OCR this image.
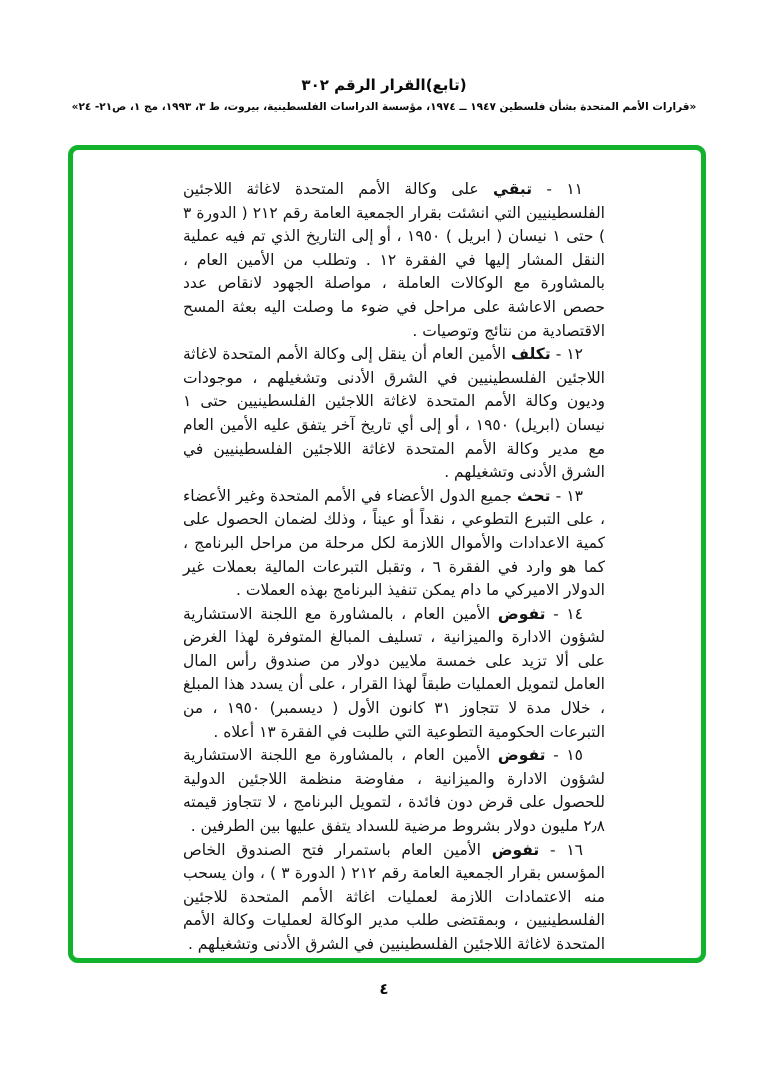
(تابع)القرار الرقم ٣٠٢
«قرارات الأمم المتحدة بشأن فلسطين ١٩٤٧ ــ ١٩٧٤، مؤسسة الدراسات الفلسطينية، بيروت، ط ٣، ١٩٩٣، مج ١، ص٢١- ٢٤»

١١ - تبقي على وكالة الأمم المتحدة لاغاثة اللاجئين الفلسطينيين التي انشئت بقرار الجمعية العامة رقم ٢١٢ ( الدورة ٣ ) حتى ١ نيسان ( ابريل ) ١٩٥٠ ، أو إلى التاريخ الذي تم فيه عملية النقل المشار إليها في الفقرة ١٢ . وتطلب من الأمين العام ، بالمشاورة مع الوكالات العاملة ، مواصلة الجهود لانقاص عدد حصص الاعاشة على مراحل في ضوء ما وصلت اليه بعثة المسح الاقتصادية من نتائج وتوصيات .

١٢ - تكلف الأمين العام أن ينقل إلى وكالة الأمم المتحدة لاغاثة اللاجئين الفلسطينيين في الشرق الأدنى وتشغيلهم ، موجودات وديون وكالة الأمم المتحدة لاغاثة اللاجئين الفلسطينيين حتى ١ نيسان (ابريل) ١٩٥٠ ، أو إلى أي تاريخ آخر يتفق عليه الأمين العام مع مدير وكالة الأمم المتحدة لاغاثة اللاجئين الفلسطينيين في الشرق الأدنى وتشغيلهم .

١٣ - تحث جميع الدول الأعضاء في الأمم المتحدة وغير الأعضاء ، على التبرع التطوعي ، نقداً أو عيناً ، وذلك لضمان الحصول على كمية الاعدادات والأموال اللازمة لكل مرحلة من مراحل البرنامج ، كما هو وارد في الفقرة ٦ ، وتقبل التبرعات المالية بعملات غير الدولار الاميركي ما دام يمكن تنفيذ البرنامج بهذه العملات .

١٤ - تفوض الأمين العام ، بالمشاورة مع اللجنة الاستشارية لشؤون الادارة والميزانية ، تسليف المبالغ المتوفرة لهذا الغرض على ألا تزيد على خمسة ملايين دولار من صندوق رأس المال العامل لتمويل العمليات طبقاً لهذا القرار ، على أن يسدد هذا المبلغ ، خلال مدة لا تتجاوز ٣١ كانون الأول ( ديسمبر) ١٩٥٠ ، من التبرعات الحكومية التطوعية التي طلبت في الفقرة ١٣ أعلاه .

١٥ - تفوض الأمين العام ، بالمشاورة مع اللجنة الاستشارية لشؤون الادارة والميزانية ، مفاوضة منظمة اللاجئين الدولية للحصول على قرض دون فائدة ، لتمويل البرنامج ، لا تتجاوز قيمته ٢٫٨ مليون دولار بشروط مرضية للسداد يتفق عليها بين الطرفين .

١٦ - تفوض الأمين العام باستمرار فتح الصندوق الخاص المؤسس بقرار الجمعية العامة رقم ٢١٢ ( الدورة ٣ ) ، وان يسحب منه الاعتمادات اللازمة لعمليات اغاثة الأمم المتحدة للاجئين الفلسطينيين ، وبمقتضى طلب مدير الوكالة لعمليات وكالة الأمم المتحدة لاغاثة اللاجئين الفلسطينيين في الشرق الأدنى وتشغيلهم .

٤
